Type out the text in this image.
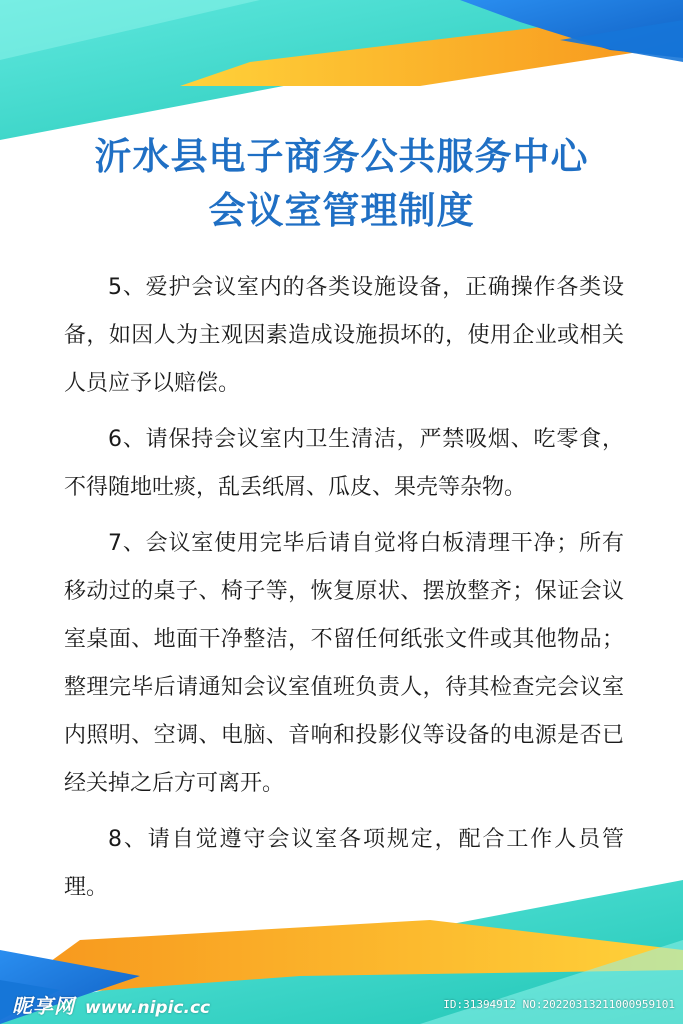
沂水县电子商务公共服务中心
会议室管理制度

5、爱护会议室内的各类设施设备，正确操作各类设备，如因人为主观因素造成设施损坏的，使用企业或相关人员应予以赔偿。

6、请保持会议室内卫生清洁，严禁吸烟、吃零食，不得随地吐痰，乱丢纸屑、瓜皮、果壳等杂物。

7、会议室使用完毕后请自觉将白板清理干净；所有移动过的桌子、椅子等，恢复原状、摆放整齐；保证会议室桌面、地面干净整洁，不留任何纸张文件或其他物品；整理完毕后请通知会议室值班负责人，待其检查完会议室内照明、空调、电脑、音响和投影仪等设备的电源是否已经关掉之后方可离开。

8、请自觉遵守会议室各项规定，配合工作人员管理。

昵享网 www.nipic.cc	ID:31394912 NO:20220313211000959101
